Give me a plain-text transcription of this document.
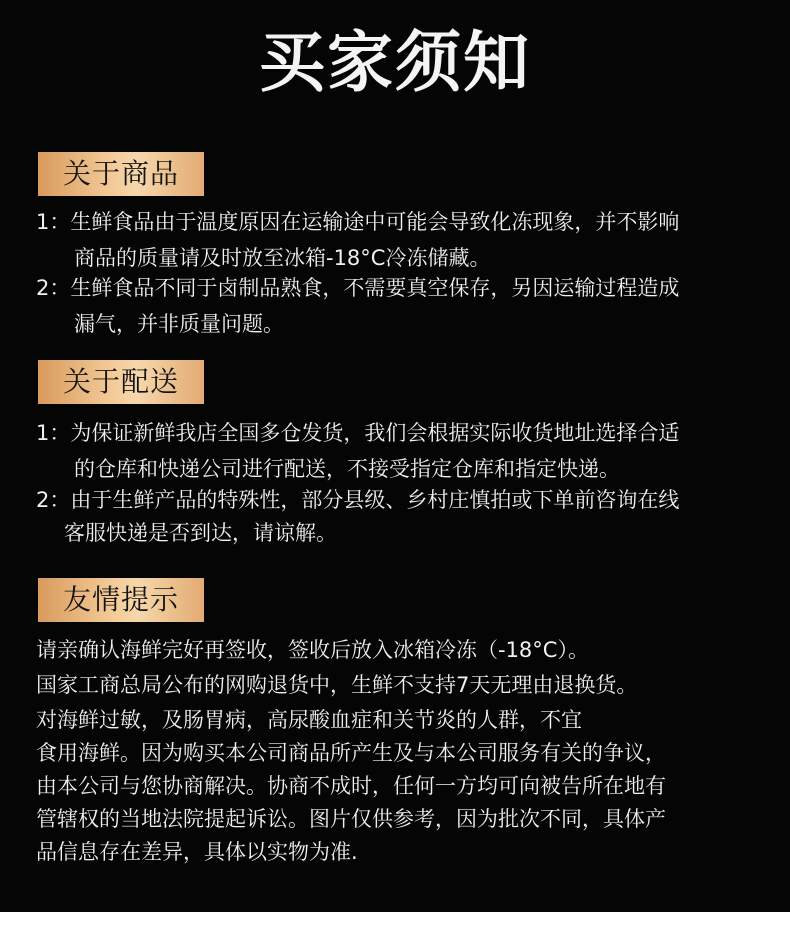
买家须知
关于商品
1：生鲜食品由于温度原因在运输途中可能会导致化冻现象，并不影响
商品的质量请及时放至冰箱-18°C冷冻储藏。
2：生鲜食品不同于卤制品熟食，不需要真空保存，另因运输过程造成
漏气，并非质量问题。
关于配送
1：为保证新鲜我店全国多仓发货，我们会根据实际收货地址选择合适
的仓库和快递公司进行配送，不接受指定仓库和指定快递。
2：由于生鲜产品的特殊性，部分县级、乡村庄慎拍或下单前咨询在线
客服快递是否到达，请谅解。
友情提示
请亲确认海鲜完好再签收，签收后放入冰箱冷冻（-18°C）。
国家工商总局公布的网购退货中，生鲜不支持7天无理由退换货。
对海鲜过敏，及肠胃病，高尿酸血症和关节炎的人群，不宜
食用海鲜。因为购买本公司商品所产生及与本公司服务有关的争议，
由本公司与您协商解决。协商不成时，任何一方均可向被告所在地有
管辖权的当地法院提起诉讼。图片仅供参考，因为批次不同，具体产
品信息存在差异，具体以实物为准.
